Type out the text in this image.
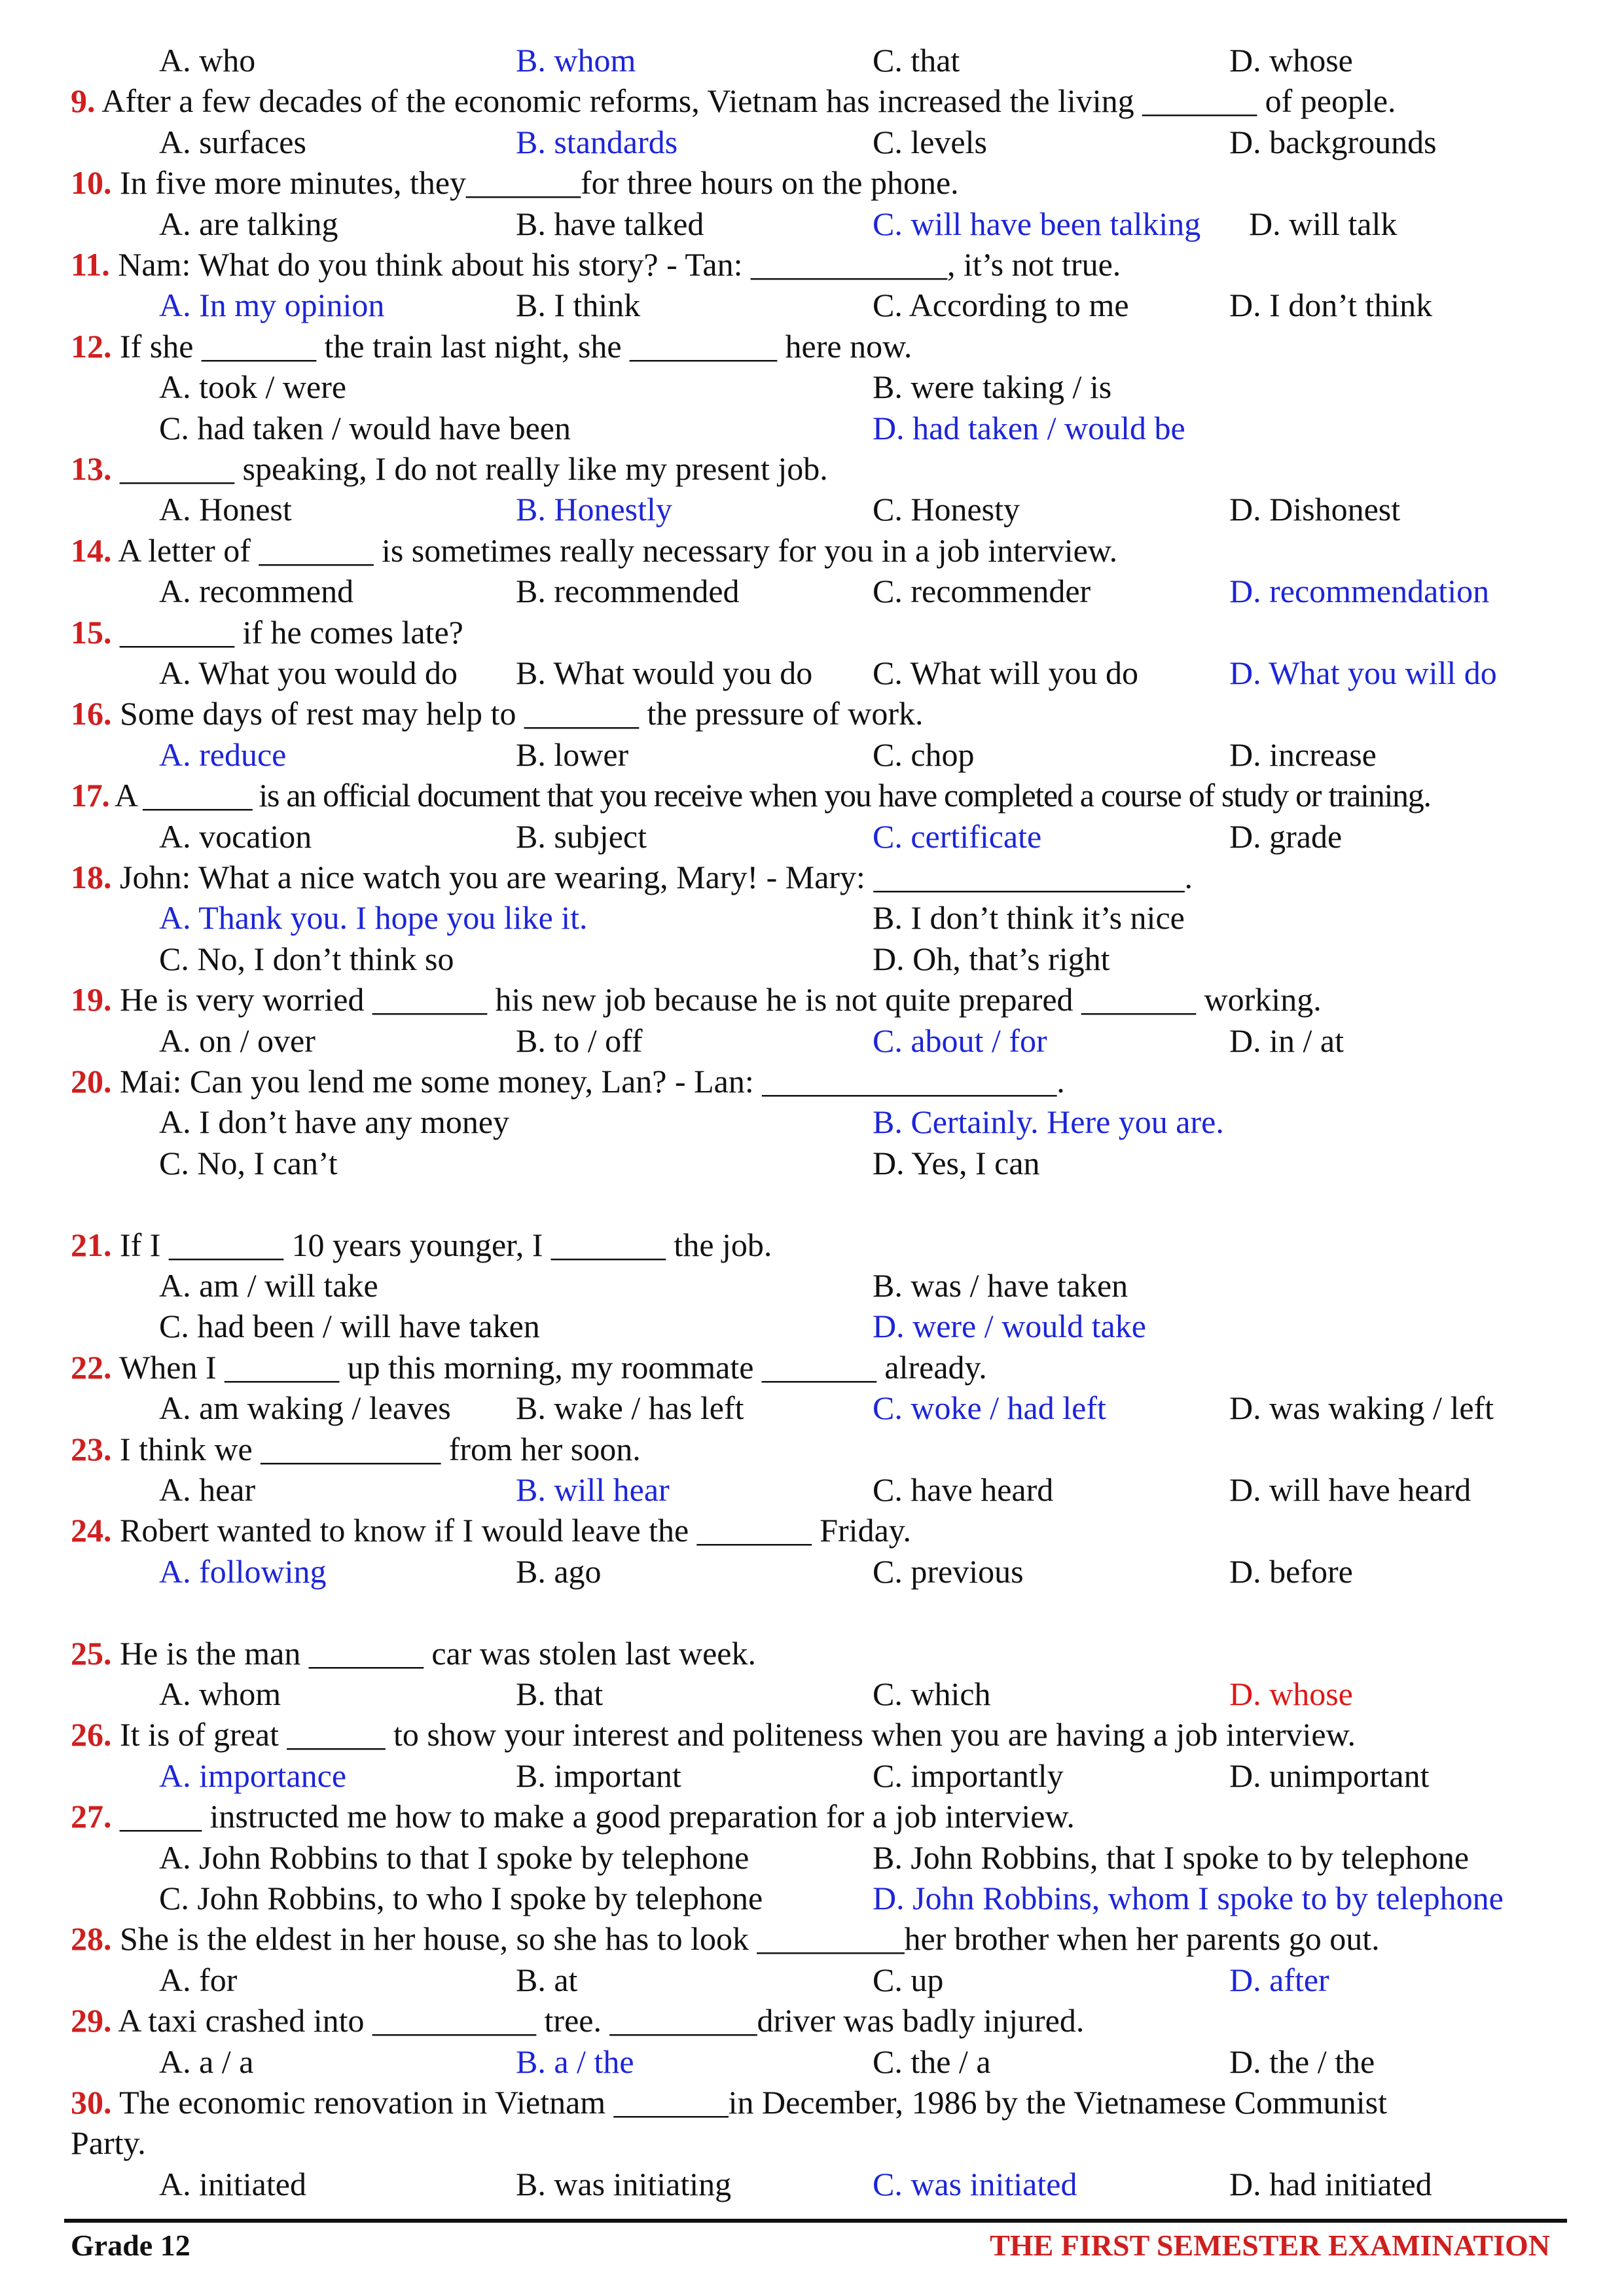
A. who	B. whom	C. that	D. whose
9. After a few decades of the economic reforms, Vietnam has increased the living _______ of people.
A. surfaces	B. standards	C. levels	D. backgrounds
10. In five more minutes, they_______for three hours on the phone.
A. are talking	B. have talked	C. will have been talking D. will talk
11. Nam: What do you think about his story? - Tan: ____________, it’s not true.
A. In my opinion	B. I think	C. According to me	D. I don’t think
12. If she _______ the train last night, she _________ here now.
A. took / were	B. were taking / is
C. had taken / would have been	D. had taken / would be
13. _______ speaking, I do not really like my present job.
A. Honest	B. Honestly	C. Honesty	D. Dishonest
14. A letter of _______ is sometimes really necessary for you in a job interview.
A. recommend	B. recommended	C. recommender	D. recommendation
15. _______ if he comes late?
A. What you would do B. What would you do C. What will you do	D. What you will do
16. Some days of rest may help to _______ the pressure of work.
A. reduce	B. lower	C. chop	D. increase
17. A _______ is an official document that you receive when you have completed a course of study or training.
A. vocation	B. subject	C. certificate	D. grade
18. John: What a nice watch you are wearing, Mary! - Mary: ___________________.
A. Thank you. I hope you like it.	B. I don’t think it’s nice
C. No, I don’t think so	D. Oh, that’s right
19. He is very worried _______ his new job because he is not quite prepared _______ working.
A. on / over	B. to / off	C. about / for	D. in / at
20. Mai: Can you lend me some money, Lan? - Lan: __________________.
A. I don’t have any money	B. Certainly. Here you are.
C. No, I can’t	D. Yes, I can
21. If I _______ 10 years younger, I _______ the job.
A. am / will take	B. was / have taken
C. had been / will have taken	D. were / would take
22. When I _______ up this morning, my roommate _______ already.
A. am waking / leaves B. wake / has left	C. woke / had left	D. was waking / left
23. I think we ___________ from her soon.
A. hear	B. will hear	C. have heard	D. will have heard
24. Robert wanted to know if I would leave the _______ Friday.
A. following	B. ago	C. previous	D. before
25. He is the man _______ car was stolen last week.
A. whom	B. that	C. which	D. whose
26. It is of great ______ to show your interest and politeness when you are having a job interview.
A. importance	B. important	C. importantly	D. unimportant
27. _____ instructed me how to make a good preparation for a job interview.
A. John Robbins to that I spoke by telephone	B. John Robbins, that I spoke to by telephone
C. John Robbins, to who I spoke by telephone	D. John Robbins, whom I spoke to by telephone
28. She is the eldest in her house, so she has to look _________her brother when her parents go out.
A. for	B. at	C. up	D. after
29. A taxi crashed into __________ tree. _________driver was badly injured.
A. a / a	B. a / the	C. the / a	D. the / the
30. The economic renovation in Vietnam _______in December, 1986 by the Vietnamese Communist
Party.
A. initiated	B. was initiating	C. was initiated	D. had initiated
Grade 12	THE FIRST SEMESTER EXAMINATION
